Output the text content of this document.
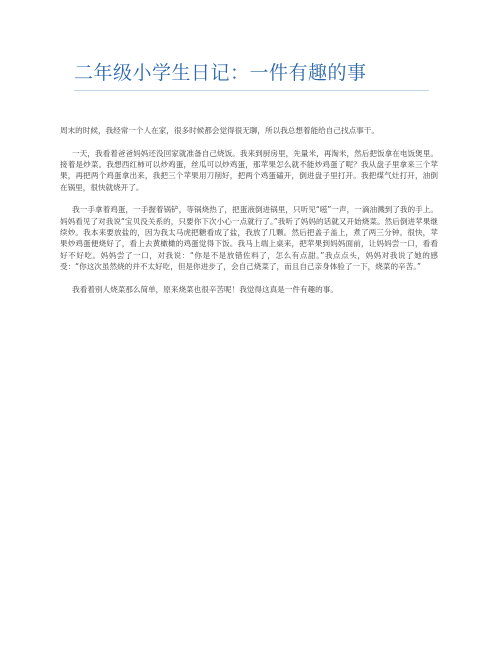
二年级小学生日记：一件有趣的事

周末的时候，我经常一个人在家，很多时候都会觉得很无聊，所以我总想着能给自己找点事干。

一天，我看着爸爸妈妈还没回家就准备自己烧饭。我来到厨房里，先量米，再淘米，然后把饭拿在电饭煲里。接着是炒菜。我想西红柿可以炒鸡蛋，丝瓜可以炒鸡蛋，那苹果怎么就不能炒鸡蛋了呢？我从盘子里拿来三个苹果，再把两个鸡蛋拿出来，我把三个苹果用刀削好，把两个鸡蛋磕开，倒进盘子里打开。我把煤气灶打开，油倒在锅里，很快就烧开了。

我一手拿着鸡蛋，一手握着锅铲，等锅烧热了，把蛋液倒进锅里，只听见“嗞”一声，一滴油溅到了我的手上。妈妈看见了对我说“宝贝没关系的，只要你下次小心一点就行了。”我听了妈妈的话就又开始烧菜。然后倒进苹果继续炒。我本来要放盐的，因为我太马虎把糖看成了盐，我放了几颗。然后把盖子盖上，煮了两三分钟。很快，苹果炒鸡蛋便烧好了，看上去黄橄橄的鸡蛋觉得下饭。我马上端上桌来，把苹果到妈妈面前，让妈妈尝一口，看看好不好吃。妈妈尝了一口，对我说：“你是不是放错佐料了，怎么有点甜。”我点点头，妈妈对我说了她的感受：“你这次虽然烧的并不太好吃，但是你进步了，会自己烧菜了，而且自己亲身体验了一下，烧菜的辛苦。”

我看着别人烧菜那么简单，原来烧菜也很辛苦呢！我觉得这真是一件有趣的事。
